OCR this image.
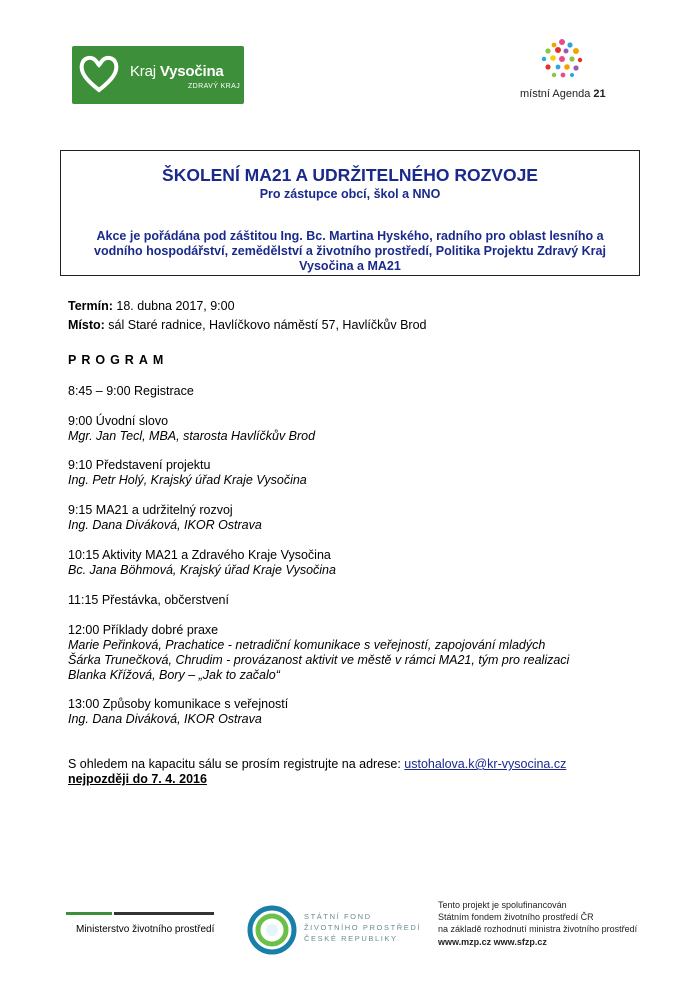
Kraj Vysočina
ZDRAVÝ KRAJ
místní Agenda 21
ŠKOLENÍ MA21 A UDRŽITELNÉHO ROZVOJE
Pro zástupce obcí, škol a NNO
Akce je pořádána pod záštitou Ing. Bc. Martina Hyského, radního pro oblast lesního a
vodního hospodářství, zemědělství a životního prostředí, Politika Projektu Zdravý Kraj
Vysočina a MA21
Termín: 18. dubna 2017, 9:00
Místo: sál Staré radnice, Havlíčkovo náměstí 57, Havlíčkův Brod
PROGRAM
8:45 – 9:00 Registrace
9:00 Úvodní slovo
Mgr. Jan Tecl, MBA, starosta Havlíčkův Brod
9:10 Představení projektu
Ing. Petr Holý, Krajský úřad Kraje Vysočina
9:15 MA21 a udržitelný rozvoj
Ing. Dana Diváková, IKOR Ostrava
10:15 Aktivity MA21 a Zdravého Kraje Vysočina
Bc. Jana Böhmová, Krajský úřad Kraje Vysočina
11:15 Přestávka, občerstvení
12:00 Příklady dobré praxe
Marie Peřinková, Prachatice - netradiční komunikace s veřejností, zapojování mladých
Šárka Trunečková, Chrudim - provázanost aktivit ve městě v rámci MA21, tým pro realizaci
Blanka Křížová, Bory – „Jak to začalo“
13:00 Způsoby komunikace s veřejností
Ing. Dana Diváková, IKOR Ostrava
S ohledem na kapacitu sálu se prosím registrujte na adrese: ustohalova.k@kr-vysocina.cz
nejpozději do 7. 4. 2016
Ministerstvo životního prostředí
STÁTNÍ FOND
ŽIVOTNÍHO PROSTŘEDÍ
ČESKÉ REPUBLIKY
Tento projekt je spolufinancován
Státním fondem životního prostředí ČR
na základě rozhodnutí ministra životního prostředí
www.mzp.cz www.sfzp.cz
